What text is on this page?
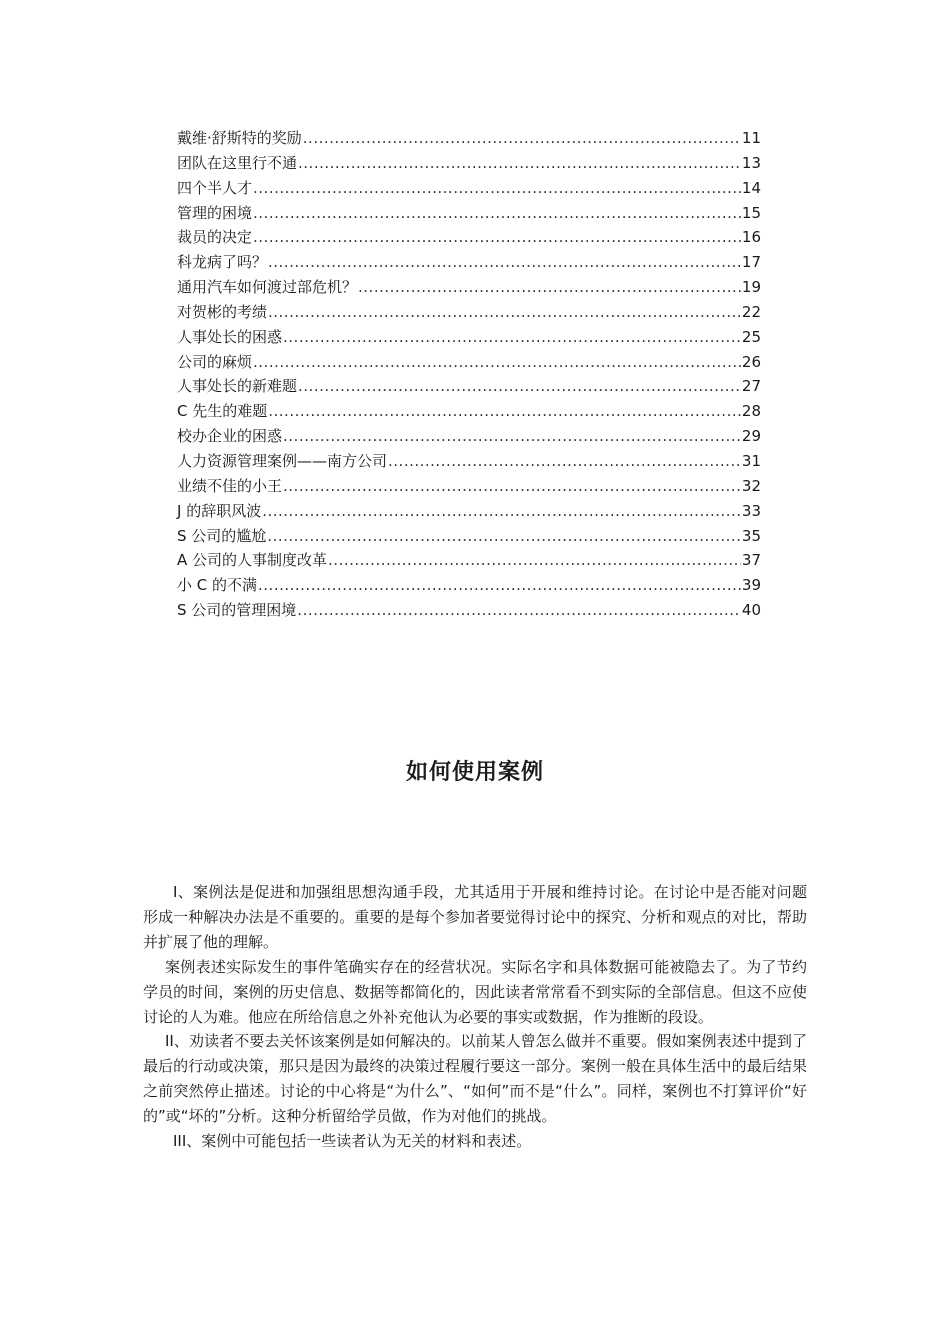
戴维·舒斯特的奖励 .....	11
团队在这里行不通 .....	13
四个半人才 .....	14
管理的困境 .....	15
裁员的决定 .....	16
科龙病了吗？ .....	17
通用汽车如何渡过部危机？ .....	19
对贺彬的考绩 .....	22
人事处长的困惑 .....	25
公司的麻烦 .....	26
人事处长的新难题 .....	27
C 先生的难题 .....	28
校办企业的困惑 .....	29
人力资源管理案例——南方公司 .....	31
业绩不佳的小王 .....	32
J 的辞职风波 .....	33
S 公司的尴尬 .....	35
A 公司的人事制度改革 .....	37
小 C 的不满 .....	39
S 公司的管理困境 .....	40
如何使用案例

I、案例法是促进和加强组思想沟通手段，尤其适用于开展和维持讨论。在讨论中是否能对问题形成一种解决办法是不重要的。重要的是每个参加者要觉得讨论中的探究、分析和观点的对比，帮助并扩展了他的理解。

案例表述实际发生的事件笔确实存在的经营状况。实际名字和具体数据可能被隐去了。为了节约学员的时间，案例的历史信息、数据等都简化的，因此读者常常看不到实际的全部信息。但这不应使讨论的人为难。他应在所给信息之外补充他认为必要的事实或数据，作为推断的段设。

II、劝读者不要去关怀该案例是如何解决的。以前某人曾怎么做并不重要。假如案例表述中提到了最后的行动或决策，那只是因为最终的决策过程履行要这一部分。案例一般在具体生活中的最后结果之前突然停止描述。讨论的中心将是“为什么”、“如何”而不是“什么”。同样，案例也不打算评价“好的”或“坏的”分析。这种分析留给学员做，作为对他们的挑战。

III、案例中可能包括一些读者认为无关的材料和表述。
